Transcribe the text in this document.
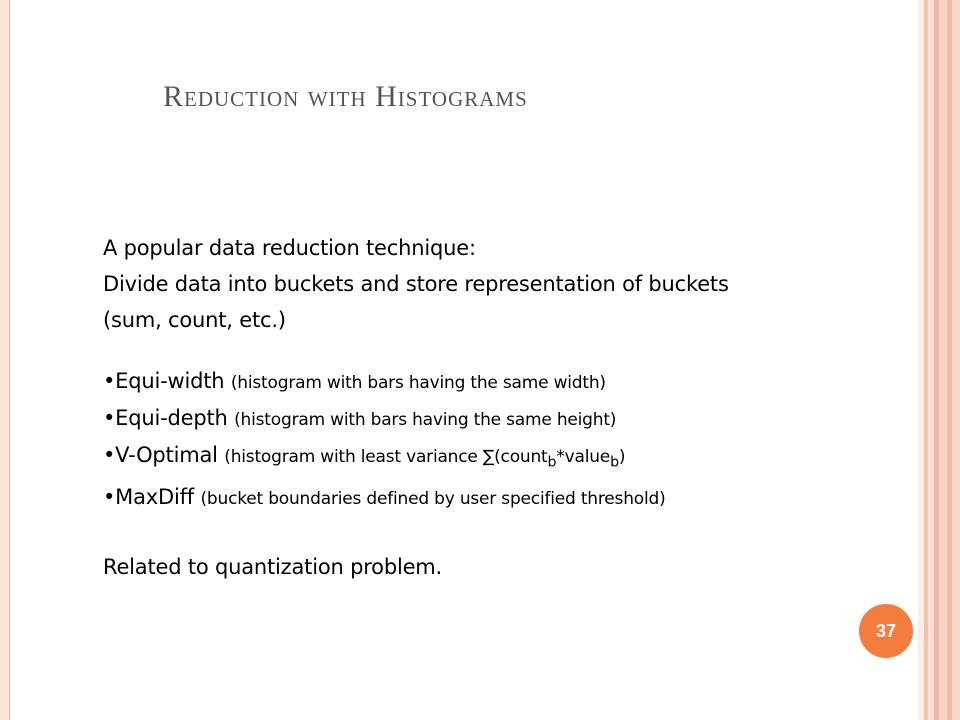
Reduction with Histograms
A popular data reduction technique:
Divide data into buckets and store representation of buckets
(sum, count, etc.)
•Equi-width (histogram with bars having the same width)
•Equi-depth (histogram with bars having the same height)
•V-Optimal (histogram with least variance ∑(count$_b$*value$_b$)
•MaxDiff (bucket boundaries defined by user specified threshold)
Related to quantization problem.
37
